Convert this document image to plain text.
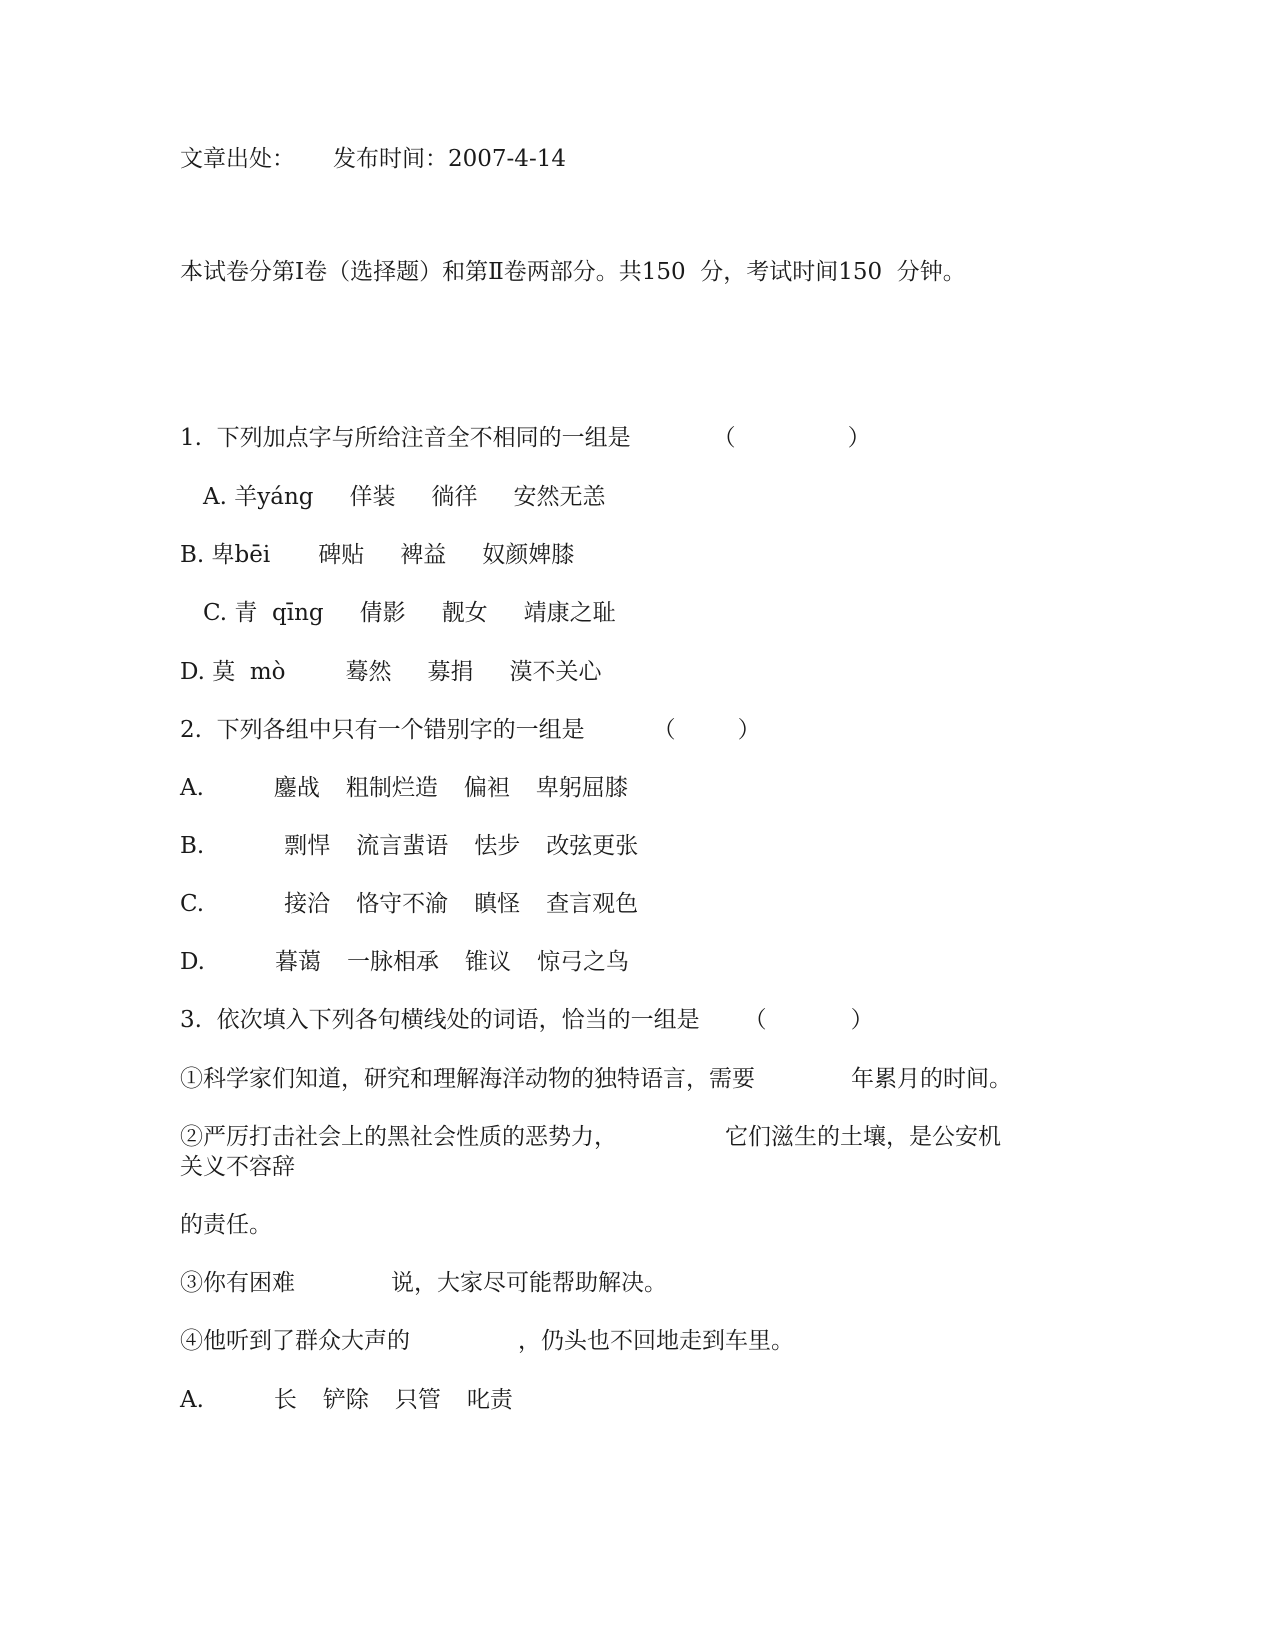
文章出处： 发布时间：2007-4-14
本试卷分第Ⅰ卷（选择题）和第Ⅱ卷两部分。共150  分，考试时间150  分钟。
1.  下列加点字与所给注音全不相同的一组是	（	）
A. 羊yáng 佯装 徜徉 安然无恙
B. 卑bēi 碑贴 裨益 奴颜婢膝
C. 青  qīng 倩影 靓女 靖康之耻
D. 莫  mò	蓦然 募捐 漠不关心
2.  下列各组中只有一个错别字的一组是	（	）
A.	鏖战 粗制烂造 偏袒 卑躬屈膝
B.	剽悍 流言蜚语 怯步 改弦更张
C.	接洽 恪守不渝 瞋怪 查言观色
D.	暮蔼 一脉相承 锥议 惊弓之鸟
3.  依次填入下列各句横线处的词语，恰当的一组是 （	）
①科学家们知道，研究和理解海洋动物的独特语言，需要	年累月的时间。
②严厉打击社会上的黑社会性质的恶势力，	它们滋生的土壤，是公安机
关义不容辞
的责任。
③你有困难	说，大家尽可能帮助解决。
④他听到了群众大声的	，仍头也不回地走到车里。
A.	长 铲除 只管 叱责
